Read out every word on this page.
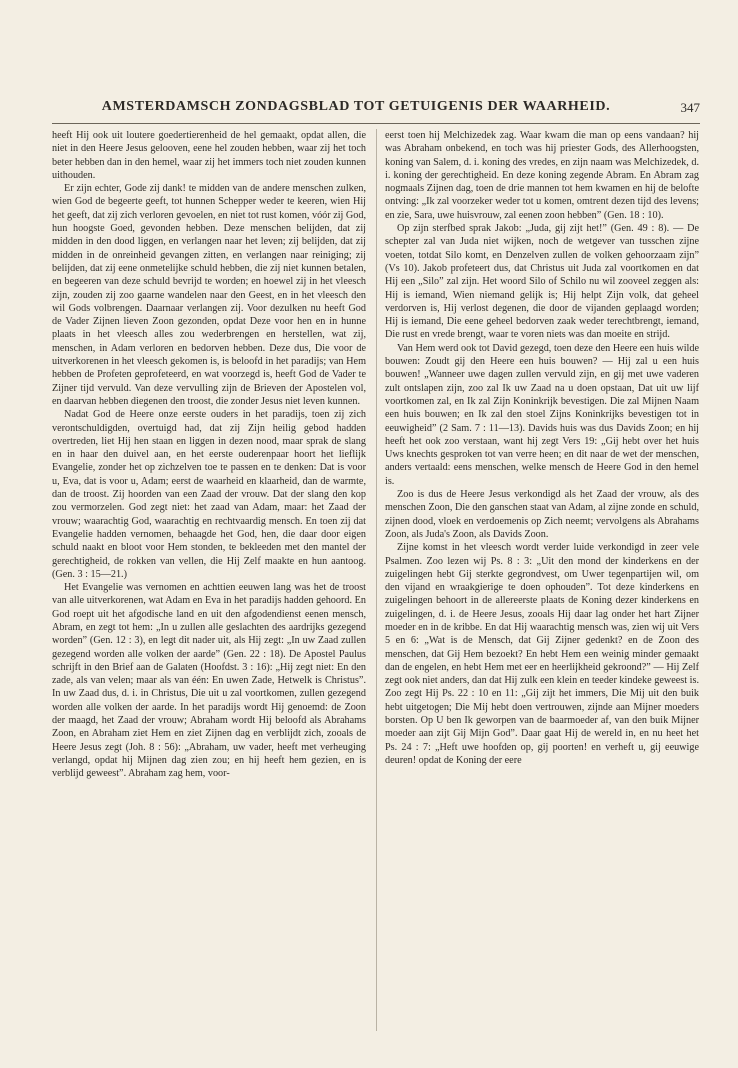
AMSTERDAMSCH ZONDAGSBLAD TOT GETUIGENIS DER WAARHEID.	347

heeft Hij ook uit loutere goedertierenheid de hel gemaakt, opdat allen, die niet in den Heere Jesus gelooven, eene hel zouden hebben, waar zij het toch beter hebben dan in den hemel, waar zij het immers toch niet zouden kunnen uithouden.

Er zijn echter, Gode zij dank! te midden van de andere menschen zulken, wien God de begeerte geeft, tot hunnen Schepper weder te keeren, wien Hij het geeft, dat zij zich verloren gevoelen, en niet tot rust komen, vóór zij God, hun hoogste Goed, gevonden hebben. Deze menschen belijden, dat zij midden in den dood liggen, en verlangen naar het leven; zij belijden, dat zij midden in de onreinheid gevangen zitten, en verlangen naar reiniging; zij belijden, dat zij eene onmetelijke schuld hebben, die zij niet kunnen betalen, en begeeren van deze schuld bevrijd te worden; en hoewel zij in het vleesch zijn, zouden zij zoo gaarne wandelen naar den Geest, en in het vleesch den wil Gods volbrengen. Daarnaar verlangen zij. Voor dezulken nu heeft God de Vader Zijnen lieven Zoon gezonden, opdat Deze voor hen en in hunne plaats in het vleesch alles zou wederbrengen en herstellen, wat zij, menschen, in Adam verloren en bedorven hebben. Deze dus, Die voor de uitverkorenen in het vleesch gekomen is, is beloofd in het paradijs; van Hem hebben de Profeten geprofeteerd, en wat voorzegd is, heeft God de Vader te Zijner tijd vervuld. Van deze vervulling zijn de Brieven der Apostelen vol, en daarvan hebben diegenen den troost, die zonder Jesus niet leven kunnen.

Nadat God de Heere onze eerste ouders in het paradijs, toen zij zich verontschuldigden, overtuigd had, dat zij Zijn heilig gebod hadden overtreden, liet Hij hen staan en liggen in dezen nood, maar sprak de slang en in haar den duivel aan, en het eerste ouderenpaar hoort het lieflijk Evangelie, zonder het op zichzelven toe te passen en te denken: Dat is voor u, Eva, dat is voor u, Adam; eerst de waarheid en klaarheid, dan de warmte, dan de troost. Zij hoorden van een Zaad der vrouw. Dat der slang den kop zou vermorzelen. God zegt niet: het zaad van Adam, maar: het Zaad der vrouw; waarachtig God, waarachtig en rechtvaardig mensch. En toen zij dat Evangelie hadden vernomen, behaagde het God, hen, die daar door eigen schuld naakt en bloot voor Hem stonden, te bekleeden met den mantel der gerechtigheid, de rokken van vellen, die Hij Zelf maakte en hun aantoog. (Gen. 3 : 15—21.)

Het Evangelie was vernomen en achttien eeuwen lang was het de troost van alle uitverkorenen, wat Adam en Eva in het paradijs hadden gehoord. En God roept uit het afgodische land en uit den afgodendienst eenen mensch, Abram, en zegt tot hem: „In u zullen alle geslachten des aardrijks gezegend worden” (Gen. 12 : 3), en legt dit nader uit, als Hij zegt: „In uw Zaad zullen gezegend worden alle volken der aarde” (Gen. 22 : 18). De Apostel Paulus schrijft in den Brief aan de Galaten (Hoofdst. 3 : 16): „Hij zegt niet: En den zade, als van velen; maar als van één: En uwen Zade, Hetwelk is Christus”. In uw Zaad dus, d. i. in Christus, Die uit u zal voortkomen, zullen gezegend worden alle volken der aarde. In het paradijs wordt Hij genoemd: de Zoon der maagd, het Zaad der vrouw; Abraham wordt Hij beloofd als Abrahams Zoon, en Abraham ziet Hem en ziet Zijnen dag en verblijdt zich, zooals de Heere Jesus zegt (Joh. 8 : 56): „Abraham, uw vader, heeft met verheuging verlangd, opdat hij Mijnen dag zien zou; en hij heeft hem gezien, en is verblijd geweest”. Abraham zag hem, voor-

eerst toen hij Melchizedek zag. Waar kwam die man op eens vandaan? hij was Abraham onbekend, en toch was hij priester Gods, des Allerhoogsten, koning van Salem, d. i. koning des vredes, en zijn naam was Melchizedek, d. i. koning der gerechtigheid. En deze koning zegende Abram. En Abram zag nogmaals Zijnen dag, toen de drie mannen tot hem kwamen en hij de belofte ontving: „Ik zal voorzeker weder tot u komen, omtrent dezen tijd des levens; en zie, Sara, uwe huisvrouw, zal eenen zoon hebben” (Gen. 18 : 10).

Op zijn sterfbed sprak Jakob: „Juda, gij zijt het!” (Gen. 49 : 8). — De schepter zal van Juda niet wijken, noch de wetgever van tusschen zijne voeten, totdat Silo komt, en Denzelven zullen de volken gehoorzaam zijn” (Vs 10). Jakob profeteert dus, dat Christus uit Juda zal voortkomen en dat Hij een „Silo” zal zijn. Het woord Silo of Schilo nu wil zooveel zeggen als: Hij is iemand, Wien niemand gelijk is; Hij helpt Zijn volk, dat geheel verdorven is, Hij verlost degenen, die door de vijanden geplaagd worden; Hij is iemand, Die eene geheel bedorven zaak weder terechtbrengt, iemand, Die rust en vrede brengt, waar te voren niets was dan moeite en strijd.

Van Hem werd ook tot David gezegd, toen deze den Heere een huis wilde bouwen: Zoudt gij den Heere een huis bouwen? — Hij zal u een huis bouwen! „Wanneer uwe dagen zullen vervuld zijn, en gij met uwe vaderen zult ontslapen zijn, zoo zal Ik uw Zaad na u doen opstaan, Dat uit uw lijf voortkomen zal, en Ik zal Zijn Koninkrijk bevestigen. Die zal Mijnen Naam een huis bouwen; en Ik zal den stoel Zijns Koninkrijks bevestigen tot in eeuwigheid” (2 Sam. 7 : 11—13). Davids huis was dus Davids Zoon; en hij heeft het ook zoo verstaan, want hij zegt Vers 19: „Gij hebt over het huis Uws knechts gesproken tot van verre heen; en dit naar de wet der menschen, anders vertaald: eens menschen, welke mensch de Heere God in den hemel is.

Zoo is dus de Heere Jesus verkondigd als het Zaad der vrouw, als des menschen Zoon, Die den ganschen staat van Adam, al zijne zonde en schuld, zijnen dood, vloek en verdoemenis op Zich neemt; vervolgens als Abrahams Zoon, als Juda's Zoon, als Davids Zoon.

Zijne komst in het vleesch wordt verder luide verkondigd in zeer vele Psalmen. Zoo lezen wij Ps. 8 : 3: „Uit den mond der kinderkens en der zuigelingen hebt Gij sterkte gegrondvest, om Uwer tegenpartijen wil, om den vijand en wraakgierige te doen ophouden”. Tot deze kinderkens en zuigelingen behoort in de allereerste plaats de Koning dezer kinderkens en zuigelingen, d. i. de Heere Jesus, zooals Hij daar lag onder het hart Zijner moeder en in de kribbe. En dat Hij waarachtig mensch was, zien wij uit Vers 5 en 6: „Wat is de Mensch, dat Gij Zijner gedenkt? en de Zoon des menschen, dat Gij Hem bezoekt? En hebt Hem een weinig minder gemaakt dan de engelen, en hebt Hem met eer en heerlijkheid gekroond?” — Hij Zelf zegt ook niet anders, dan dat Hij zulk een klein en teeder kindeke geweest is. Zoo zegt Hij Ps. 22 : 10 en 11: „Gij zijt het immers, Die Mij uit den buik hebt uitgetogen; Die Mij hebt doen vertrouwen, zijnde aan Mijner moeders borsten. Op U ben Ik geworpen van de baarmoeder af, van den buik Mijner moeder aan zijt Gij Mijn God”. Daar gaat Hij de wereld in, en nu heet het Ps. 24 : 7: „Heft uwe hoofden op, gij poorten! en verheft u, gij eeuwige deuren! opdat de Koning der eere
